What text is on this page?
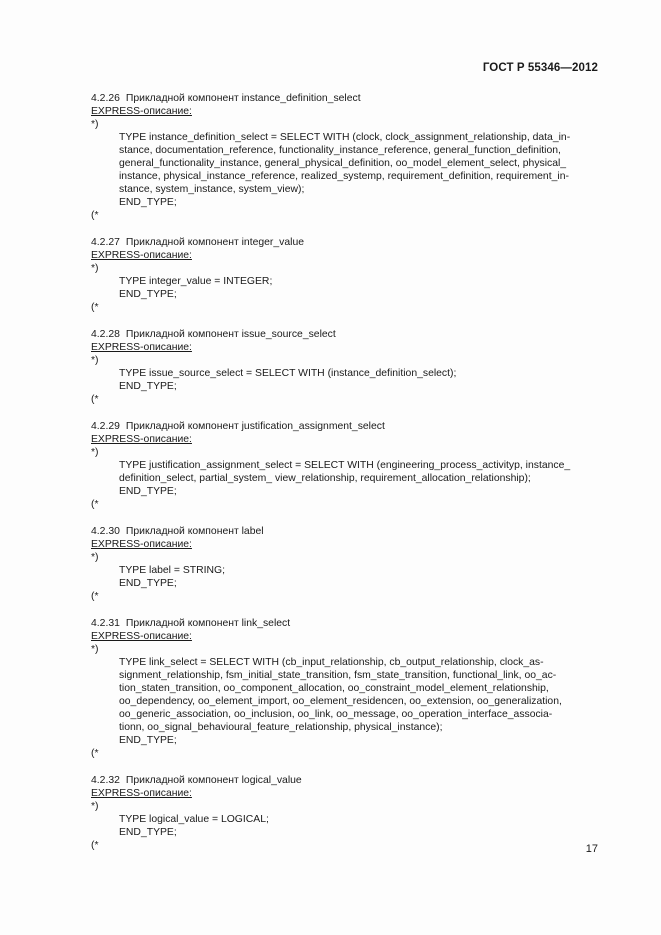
ГОСТ Р 55346—2012
4.2.26 Прикладной компонент instance_definition_select
EXPRESS-описание:
*)
TYPE instance_definition_select = SELECT WITH (clock, clock_assignment_relationship, data_in-
stance, documentation_reference, functionality_instance_reference, general_function_definition,
general_functionality_instance, general_physical_definition, oo_model_element_select, physical_
instance, physical_instance_reference, realized_systemp, requirement_definition, requirement_in-
stance, system_instance, system_view);
END_TYPE;
(*
4.2.27 Прикладной компонент integer_value
EXPRESS-описание:
*)
TYPE integer_value = INTEGER;
END_TYPE;
(*
4.2.28 Прикладной компонент issue_source_select
EXPRESS-описание:
*)
TYPE issue_source_select = SELECT WITH (instance_definition_select);
END_TYPE;
(*
4.2.29 Прикладной компонент justification_assignment_select
EXPRESS-описание:
*)
TYPE justification_assignment_select = SELECT WITH (engineering_process_activityp, instance_
definition_select, partial_system_ view_relationship, requirement_allocation_relationship);
END_TYPE;
(*
4.2.30 Прикладной компонент label
EXPRESS-описание:
*)
TYPE label = STRING;
END_TYPE;
(*
4.2.31 Прикладной компонент link_select
EXPRESS-описание:
*)
TYPE link_select = SELECT WITH (cb_input_relationship, cb_output_relationship, clock_as-
signment_relationship, fsm_initial_state_transition, fsm_state_transition, functional_link, oo_ac-
tion_staten_transition, oo_component_allocation, oo_constraint_model_element_relationship,
oo_dependency, oo_element_import, oo_element_residencen, oo_extension, oo_generalization,
oo_generic_association, oo_inclusion, oo_link, oo_message, oo_operation_interface_associa-
tionn, oo_signal_behavioural_feature_relationship, physical_instance);
END_TYPE;
(*
4.2.32 Прикладной компонент logical_value
EXPRESS-описание:
*)
TYPE logical_value = LOGICAL;
END_TYPE;
(*	17
